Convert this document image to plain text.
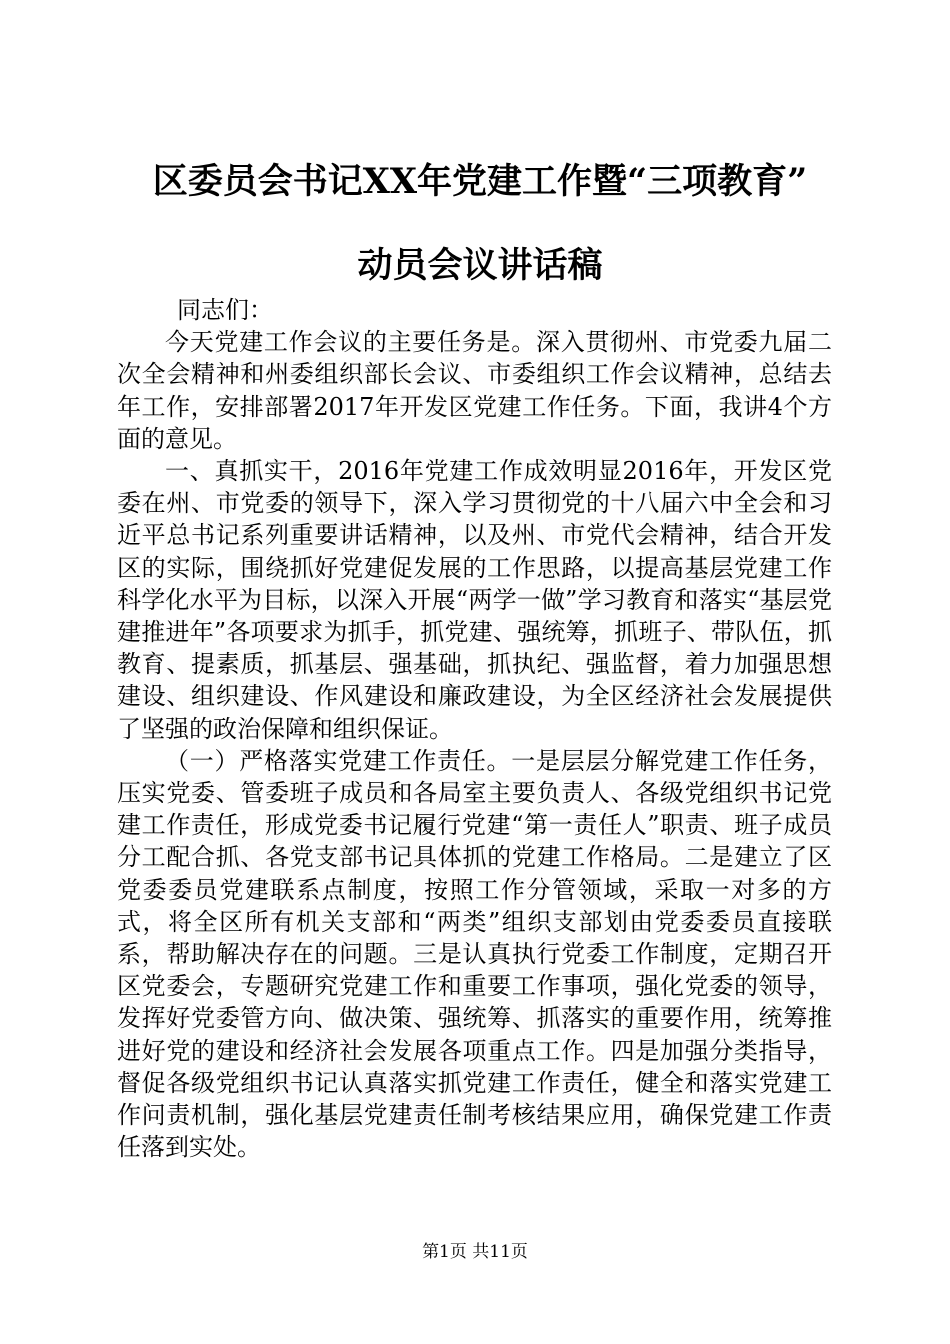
区委员会书记XX年党建工作暨“三项教育”
动员会议讲话稿

同志们：

今天党建工作会议的主要任务是。深入贯彻州、市党委九届二次全会精神和州委组织部长会议、市委组织工作会议精神，总结去年工作，安排部署2017年开发区党建工作任务。下面，我讲4个方面的意见。

一、真抓实干，2016年党建工作成效明显2016年，开发区党委在州、市党委的领导下，深入学习贯彻党的十八届六中全会和习近平总书记系列重要讲话精神，以及州、市党代会精神，结合开发区的实际，围绕抓好党建促发展的工作思路，以提高基层党建工作科学化水平为目标，以深入开展“两学一做”学习教育和落实“基层党建推进年”各项要求为抓手，抓党建、强统筹，抓班子、带队伍，抓教育、提素质，抓基层、强基础，抓执纪、强监督，着力加强思想建设、组织建设、作风建设和廉政建设，为全区经济社会发展提供了坚强的政治保障和组织保证。

（一）严格落实党建工作责任。一是层层分解党建工作任务，压实党委、管委班子成员和各局室主要负责人、各级党组织书记党建工作责任，形成党委书记履行党建“第一责任人”职责、班子成员分工配合抓、各党支部书记具体抓的党建工作格局。二是建立了区党委委员党建联系点制度，按照工作分管领域，采取一对多的方式，将全区所有机关支部和“两类”组织支部划由党委委员直接联系，帮助解决存在的问题。三是认真执行党委工作制度，定期召开区党委会，专题研究党建工作和重要工作事项，强化党委的领导，发挥好党委管方向、做决策、强统筹、抓落实的重要作用，统筹推进好党的建设和经济社会发展各项重点工作。四是加强分类指导，督促各级党组织书记认真落实抓党建工作责任，健全和落实党建工作问责机制，强化基层党建责任制考核结果应用，确保党建工作责任落到实处。

第1页 共11页
